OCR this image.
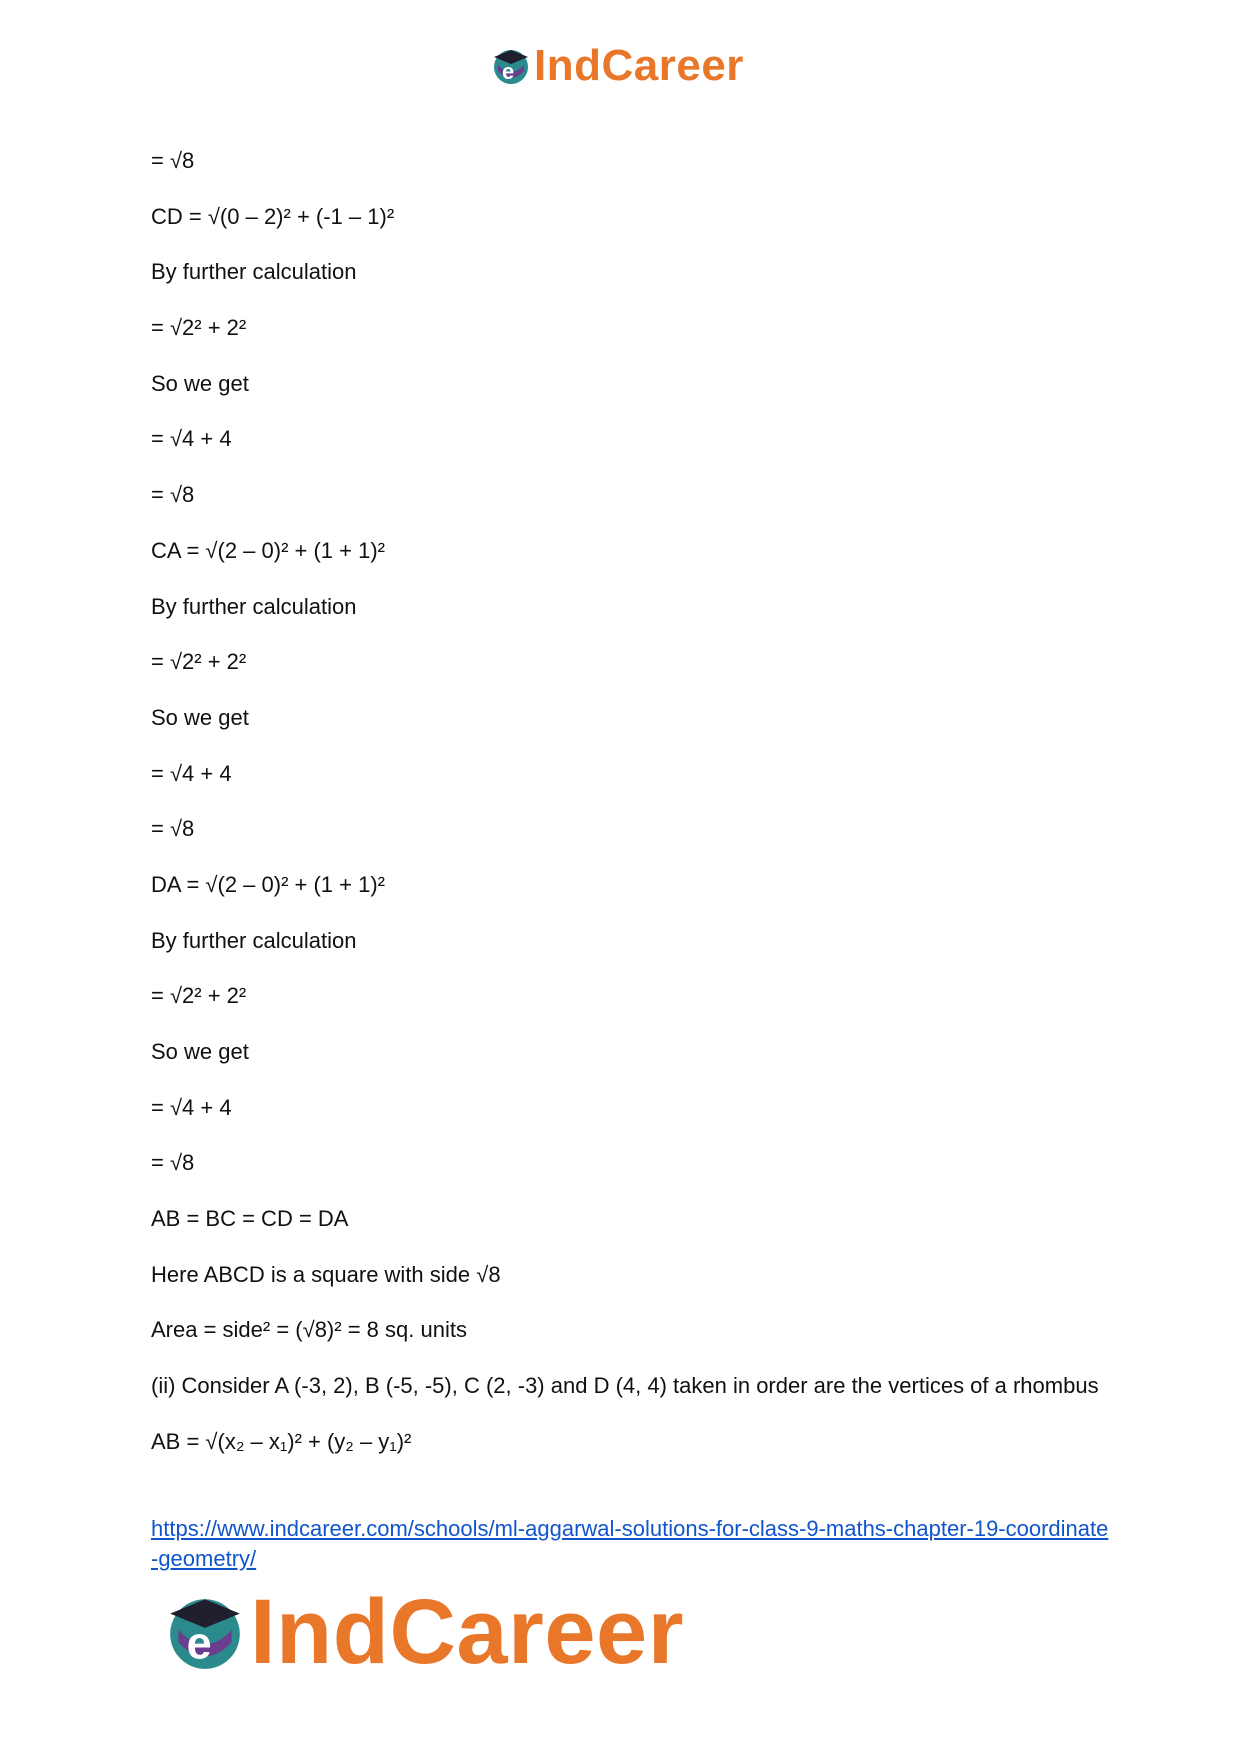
e IndCareer

= √8

CD = √(0 – 2)² + (-1 – 1)²

By further calculation

= √2² + 2²

So we get

= √4 + 4

= √8

CA = √(2 – 0)² + (1 + 1)²

By further calculation

= √2² + 2²

So we get

= √4 + 4

= √8

DA = √(2 – 0)² + (1 + 1)²

By further calculation

= √2² + 2²

So we get

= √4 + 4

= √8

AB = BC = CD = DA

Here ABCD is a square with side √8

Area = side² = (√8)² = 8 sq. units

(ii) Consider A (-3, 2), B (-5, -5), C (2, -3) and D (4, 4) taken in order are the vertices of a rhombus

AB = √(x₂ – x₁)² + (y₂ – y₁)²

https://www.indcareer.com/schools/ml-aggarwal-solutions-for-class-9-maths-chapter-19-coordinate-geometry/
e IndCareer
